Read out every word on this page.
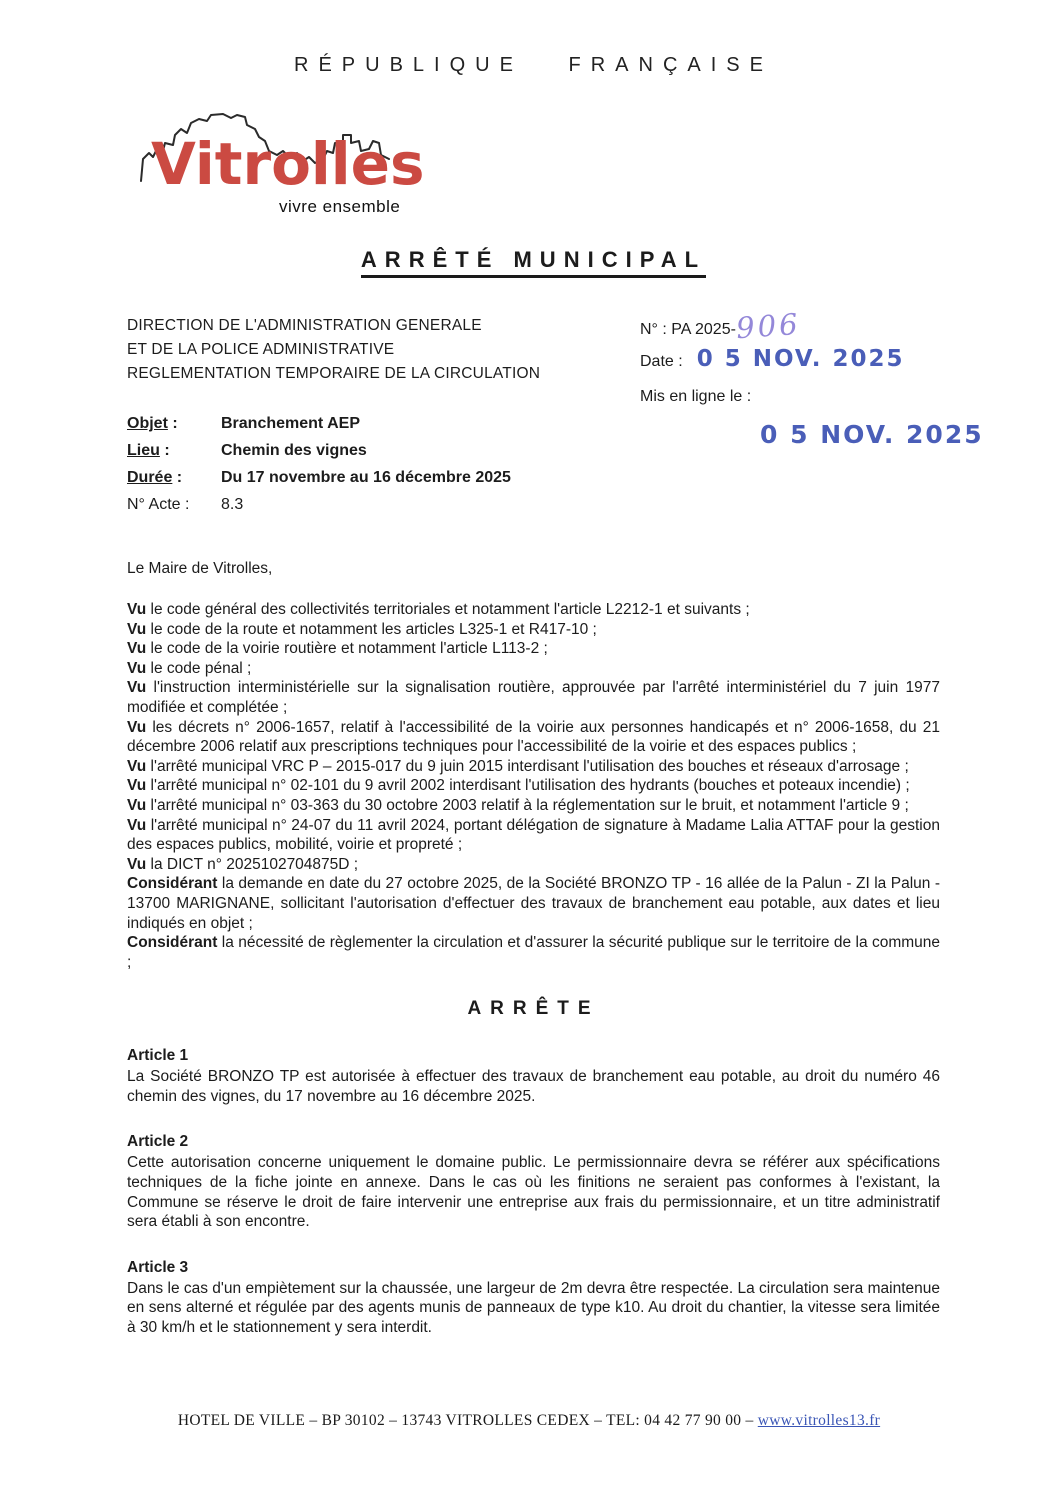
RÉPUBLIQUE FRANÇAISE
Vitrolles
vivre ensemble
ARRÊTÉ MUNICIPAL
DIRECTION DE L'ADMINISTRATION GENERALE
ET DE LA POLICE ADMINISTRATIVE
REGLEMENTATION TEMPORAIRE DE LA CIRCULATION
Objet :	Branchement AEP
Lieu :	Chemin des vignes
Durée :	Du 17 novembre au 16 décembre 2025
N° Acte :	8.3
N° : PA 2025-906
Date : 0 5 NOV. 2025
Mis en ligne le :
0 5 NOV. 2025
Le Maire de Vitrolles,

Vu le code général des collectivités territoriales et notamment l'article L2212-1 et suivants ;

Vu le code de la route et notamment les articles L325-1 et R417-10 ;

Vu le code de la voirie routière et notamment l'article L113-2 ;

Vu le code pénal ;

Vu l'instruction interministérielle sur la signalisation routière, approuvée par l'arrêté interministériel du 7 juin 1977 modifiée et complétée ;

Vu les décrets n° 2006-1657, relatif à l'accessibilité de la voirie aux personnes handicapés et n° 2006-1658, du 21 décembre 2006 relatif aux prescriptions techniques pour l'accessibilité de la voirie et des espaces publics ;

Vu l'arrêté municipal VRC P – 2015-017 du 9 juin 2015 interdisant l'utilisation des bouches et réseaux d'arrosage ;

Vu l'arrêté municipal n° 02-101 du 9 avril 2002 interdisant l'utilisation des hydrants (bouches et poteaux incendie) ;

Vu l'arrêté municipal n° 03-363 du 30 octobre 2003 relatif à la réglementation sur le bruit, et notamment l'article 9 ;

Vu l'arrêté municipal n° 24-07 du 11 avril 2024, portant délégation de signature à Madame Lalia ATTAF pour la gestion des espaces publics, mobilité, voirie et propreté ;

Vu la DICT n° 2025102704875D ;

Considérant la demande en date du 27 octobre 2025, de la Société BRONZO TP - 16 allée de la Palun - ZI la Palun - 13700 MARIGNANE, sollicitant l'autorisation d'effectuer des travaux de branchement eau potable, aux dates et lieu indiqués en objet ;

Considérant la nécessité de règlementer la circulation et d'assurer la sécurité publique sur le territoire de la commune ;

ARRÊTE
Article 1

La Société BRONZO TP est autorisée à effectuer des travaux de branchement eau potable, au droit du numéro 46 chemin des vignes, du 17 novembre au 16 décembre 2025.

Article 2

Cette autorisation concerne uniquement le domaine public. Le permissionnaire devra se référer aux spécifications techniques de la fiche jointe en annexe. Dans le cas où les finitions ne seraient pas conformes à l'existant, la Commune se réserve le droit de faire intervenir une entreprise aux frais du permissionnaire, et un titre administratif sera établi à son encontre.

Article 3

Dans le cas d'un empiètement sur la chaussée, une largeur de 2m devra être respectée. La circulation sera maintenue en sens alterné et régulée par des agents munis de panneaux de type k10. Au droit du chantier, la vitesse sera limitée à 30 km/h et le stationnement y sera interdit.

HOTEL DE VILLE – BP 30102 – 13743 VITROLLES CEDEX – TEL: 04 42 77 90 00 – www.vitrolles13.fr
